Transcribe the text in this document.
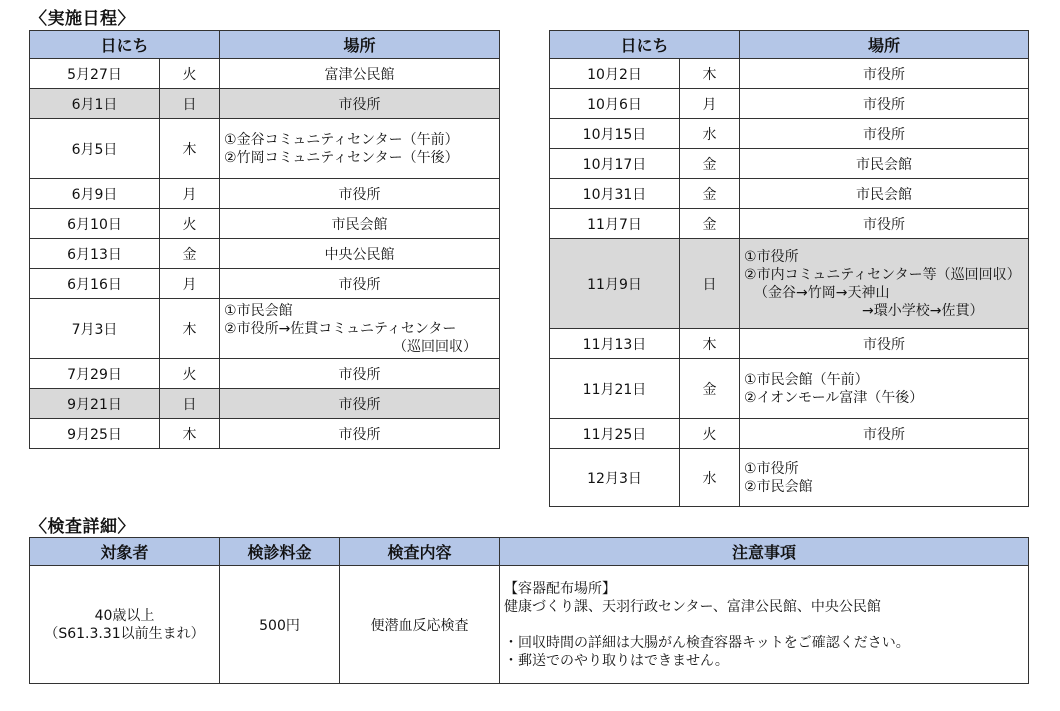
〈実施日程〉
日にち		場所
5月27日	火	富津公民館
6月1日	日	市役所
6月5日	木	①金谷コミュニティセンター（午前）
②竹岡コミュニティセンター（午後）

6月9日	月	市役所
6月10日	火	市民会館
6月13日	金	中央公民館
6月16日	月	市役所
7月3日	木	①市民会館
②市役所→佐貫コミュニティセンター
（巡回回収）

7月29日	火	市役所
9月21日	日	市役所
9月25日	木	市役所
日にち		場所
10月2日	木	市役所
10月6日	月	市役所
10月15日	水	市役所
10月17日	金	市民会館
10月31日	金	市民会館
11月7日	金	市役所
11月9日	日	①市役所
②市内コミュニティセンター等（巡回回収）
（金谷→竹岡→天神山
→環小学校→佐貫）

11月13日	木	市役所
11月21日	金	①市民会館（午前）
②イオンモール富津（午後）

11月25日	火	市役所
12月3日	水	①市役所
②市民会館
〈検査詳細〉
対象者	検診料金	検査内容	注意事項

40歳以上
（S61.3.31以前生まれ）	500円	便潜血反応検査	【容器配布場所】
健康づくり課、天羽行政センター、富津公民館、中央公民館
・回収時間の詳細は大腸がん検査容器キットをご確認ください。
・郵送でのやり取りはできません。
